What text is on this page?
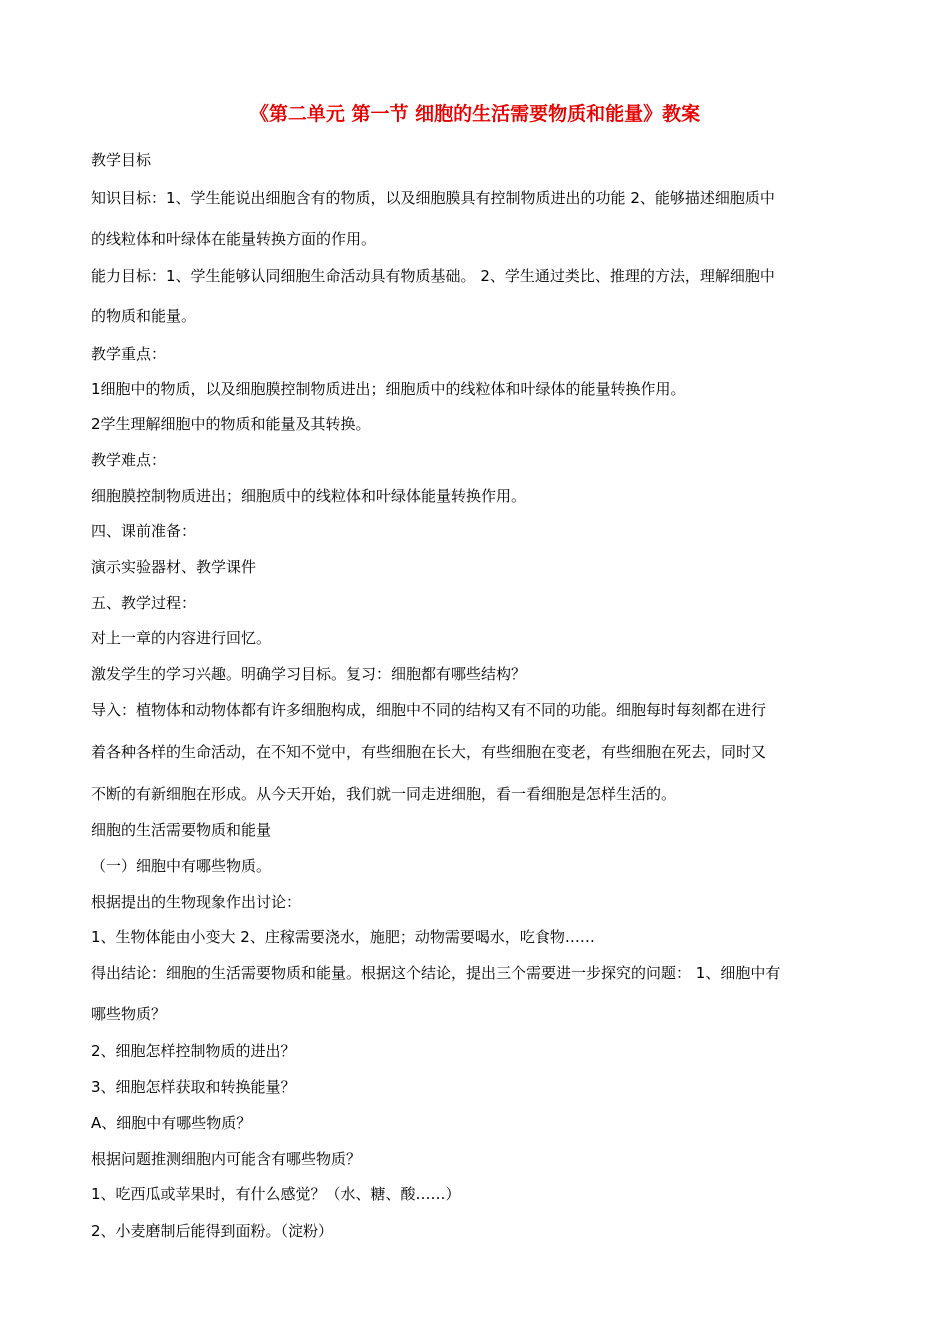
《第二单元 第一节 细胞的生活需要物质和能量》教案
教学目标
知识目标：1、学生能说出细胞含有的物质，以及细胞膜具有控制物质进出的功能 2、能够描述细胞质中
的线粒体和叶绿体在能量转换方面的作用。
能力目标：1、学生能够认同细胞生命活动具有物质基础。 2、学生通过类比、推理的方法，理解细胞中
的物质和能量。
教学重点：
1细胞中的物质，以及细胞膜控制物质进出；细胞质中的线粒体和叶绿体的能量转换作用。
2学生理解细胞中的物质和能量及其转换。
教学难点：
细胞膜控制物质进出；细胞质中的线粒体和叶绿体能量转换作用。
四、课前准备：
演示实验器材、教学课件
五、教学过程：
对上一章的内容进行回忆。
激发学生的学习兴趣。明确学习目标。复习：细胞都有哪些结构？
导入：植物体和动物体都有许多细胞构成，细胞中不同的结构又有不同的功能。细胞每时每刻都在进行
着各种各样的生命活动，在不知不觉中，有些细胞在长大，有些细胞在变老，有些细胞在死去，同时又
不断的有新细胞在形成。从今天开始，我们就一同走进细胞，看一看细胞是怎样生活的。
细胞的生活需要物质和能量
（一）细胞中有哪些物质。
根据提出的生物现象作出讨论：
1、生物体能由小变大 2、庄稼需要浇水，施肥；动物需要喝水，吃食物……
得出结论：细胞的生活需要物质和能量。根据这个结论，提出三个需要进一步探究的问题： 1、细胞中有
哪些物质？
2、细胞怎样控制物质的进出？
3、细胞怎样获取和转换能量？
A、细胞中有哪些物质？
根据问题推测细胞内可能含有哪些物质？
1、吃西瓜或苹果时，有什么感觉？（水、糖、酸……）
2、小麦磨制后能得到面粉。（淀粉）
